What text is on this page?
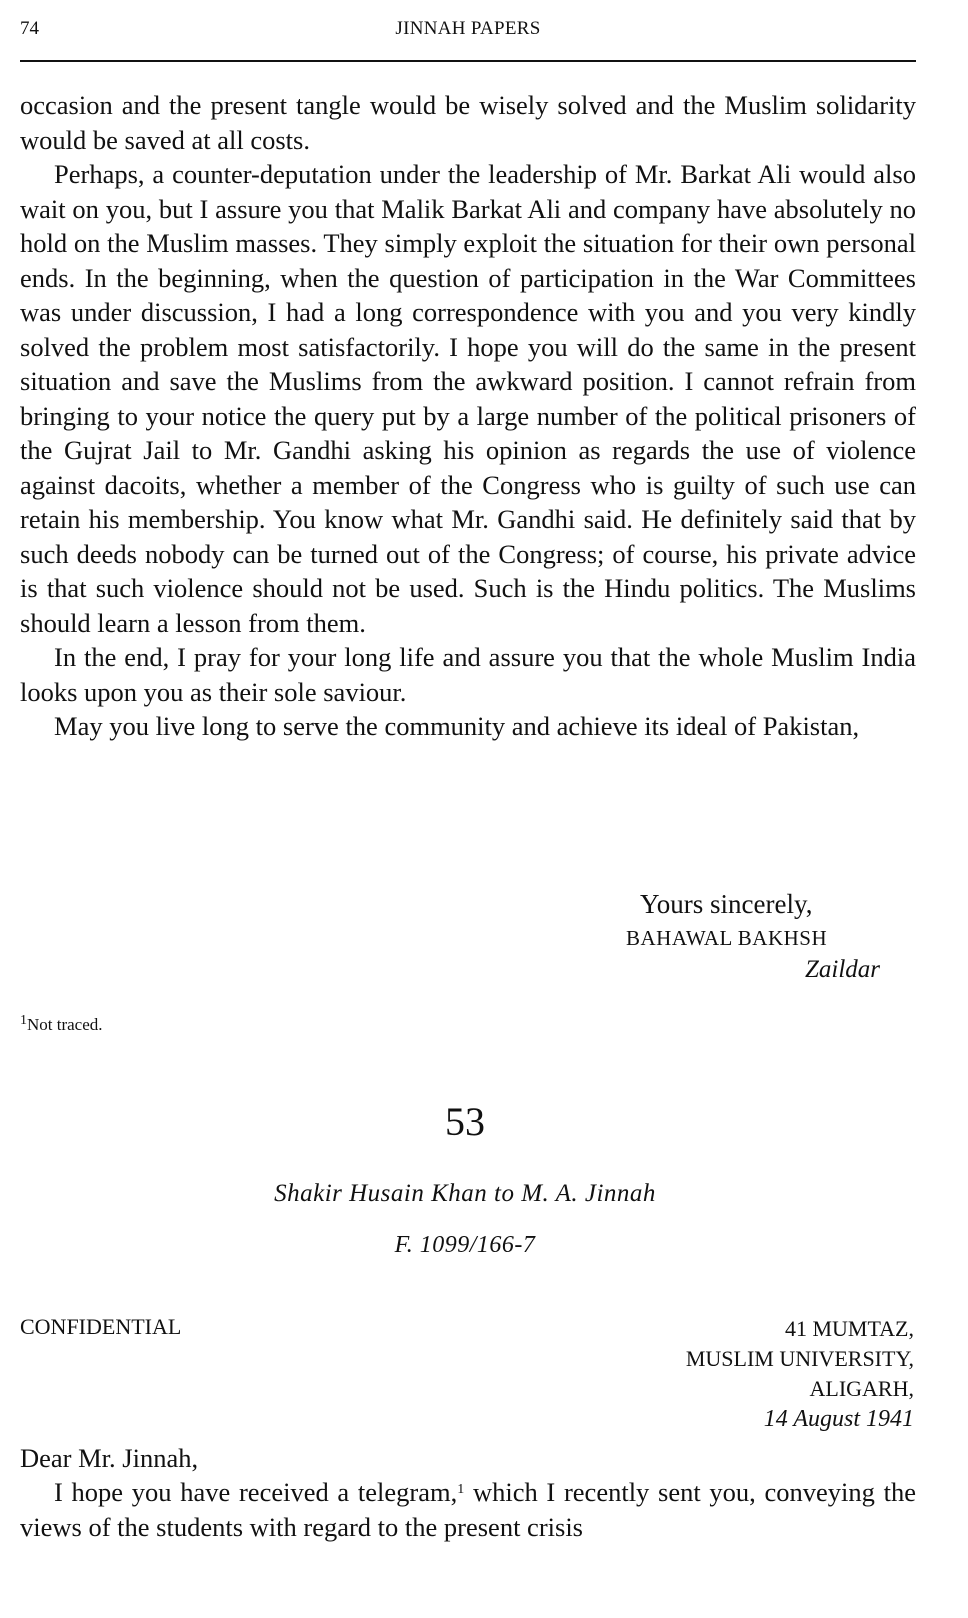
74	JINNAH PAPERS

occasion and the present tangle would be wisely solved and the Muslim solidarity would be saved at all costs.

Perhaps, a counter-deputation under the leadership of Mr. Barkat Ali would also wait on you, but I assure you that Malik Barkat Ali and company have absolutely no hold on the Muslim masses. They simply exploit the situation for their own personal ends. In the beginning, when the question of participation in the War Committees was under discussion, I had a long correspondence with you and you very kindly solved the problem most satisfactorily. I hope you will do the same in the present situation and save the Muslims from the awkward position. I cannot refrain from bringing to your notice the query put by a large number of the political prisoners of the Gujrat Jail to Mr. Gandhi asking his opinion as regards the use of violence against dacoits, whether a member of the Congress who is guilty of such use can retain his membership. You know what Mr. Gandhi said. He definitely said that by such deeds nobody can be turned out of the Congress; of course, his private advice is that such violence should not be used. Such is the Hindu politics. The Muslims should learn a lesson from them.

In the end, I pray for your long life and assure you that the whole Muslim India looks upon you as their sole saviour.

May you live long to serve the community and achieve its ideal of Pakistan,

Yours sincerely,
BAHAWAL BAKHSH
Zaildar
$^1$Not traced.
53
Shakir Husain Khan to M. A. Jinnah
F. 1099/166-7
CONFIDENTIAL	41 MUMTAZ,
MUSLIM UNIVERSITY,
ALIGARH,
14 August 1941
Dear Mr. Jinnah,

I hope you have received a telegram,$^1$ which I recently sent you, conveying the views of the students with regard to the present crisis
